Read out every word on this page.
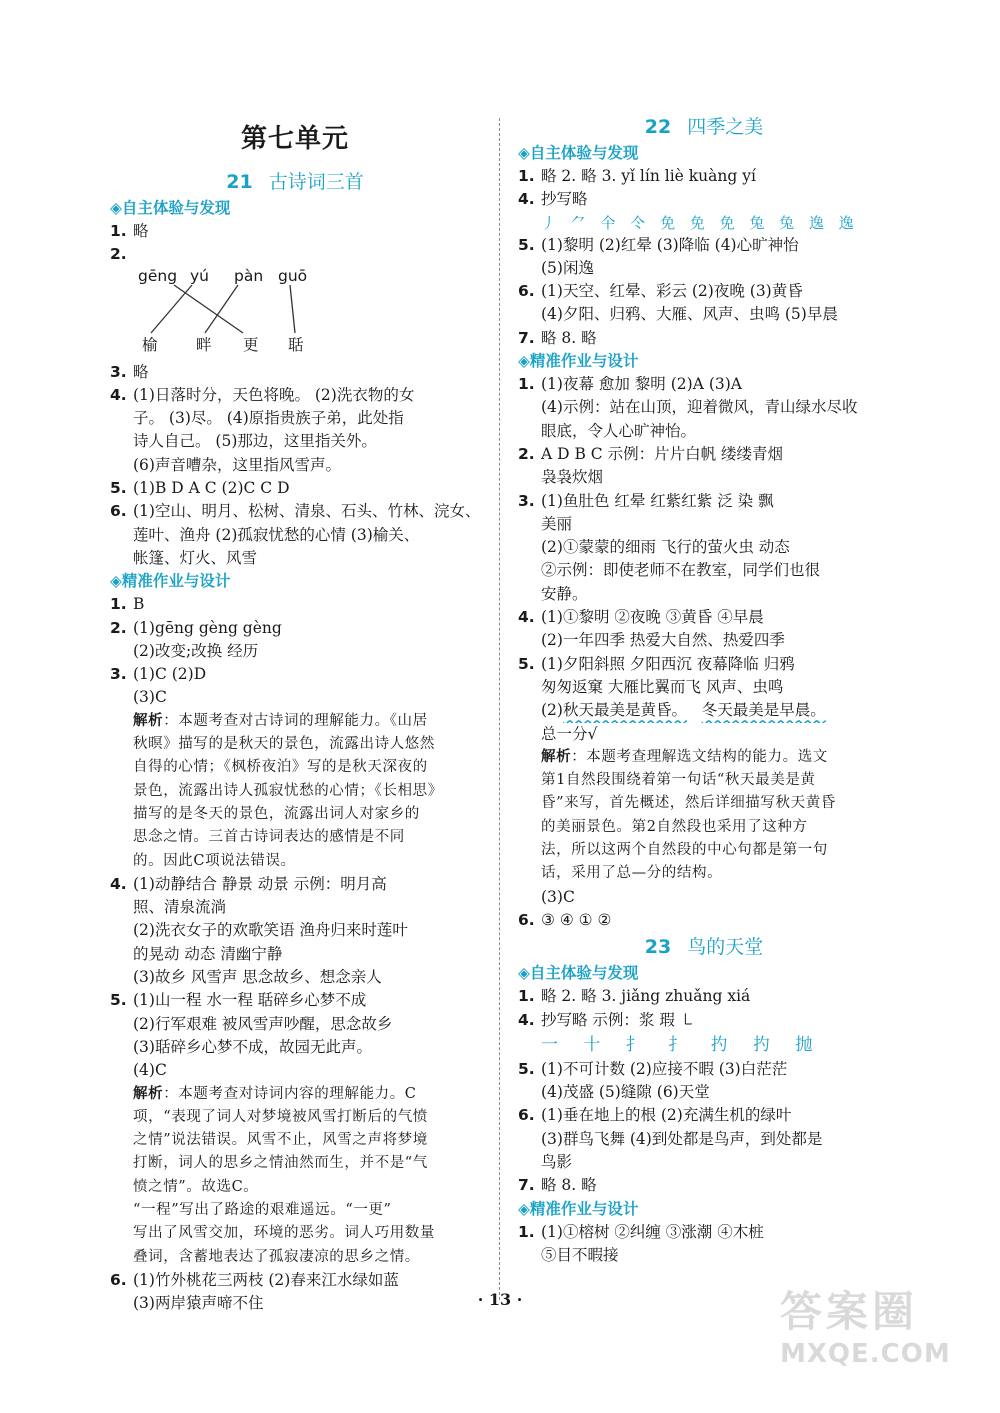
第七单元
21 古诗词三首
◈自主体验与发现
1. 略
2.
gēng yú pàn guō
榆 畔 更 聒
3. 略
4. (1)日落时分，天色将晚。 (2)洗衣物的女
子。 (3)尽。 (4)原指贵族子弟，此处指
诗人自己。 (5)那边，这里指关外。
(6)声音嘈杂，这里指风雪声。
5. (1)B D A C (2)C C D
6. (1)空山、明月、松树、清泉、石头、竹林、浣女、
莲叶、渔舟 (2)孤寂忧愁的心情 (3)榆关、
帐篷、灯火、风雪
◈精准作业与设计
1. B
2. (1)gēng gèng gèng
(2)改变;改换 经历
3. (1)C (2)D
(3)C
解析：本题考查对古诗词的理解能力。《山居
秋暝》描写的是秋天的景色，流露出诗人悠然
自得的心情；《枫桥夜泊》写的是秋天深夜的
景色，流露出诗人孤寂忧愁的心情；《长相思》
描写的是冬天的景色，流露出词人对家乡的
思念之情。三首古诗词表达的感情是不同
的。因此C项说法错误。
4. (1)动静结合 静景 动景 示例：明月高
照、清泉流淌
(2)洗衣女子的欢歌笑语 渔舟归来时莲叶
的晃动 动态 清幽宁静
(3)故乡 风雪声 思念故乡、想念亲人
5. (1)山一程 水一程 聒碎乡心梦不成
(2)行军艰难 被风雪声吵醒，思念故乡
(3)聒碎乡心梦不成，故园无此声。
(4)C
解析：本题考查对诗词内容的理解能力。C
项，“表现了词人对梦境被风雪打断后的气愤
之情”说法错误。风雪不止，风雪之声将梦境
打断，词人的思乡之情油然而生，并不是“气
愤之情”。故选C。
“一程”写出了路途的艰难遥远。“一更”
写出了风雪交加，环境的恶劣。词人巧用数量
叠词，含蓄地表达了孤寂凄凉的思乡之情。
6. (1)竹外桃花三两枝 (2)春来江水绿如蓝
(3)两岸猿声啼不住
22 四季之美
◈自主体验与发现
1. 略 2. 略 3. yǐ lín liè kuàng yí
4. 抄写略
丿 ⺈ 仐 仒 免 免 免 兔 兔 逸 逸
5. (1)黎明 (2)红晕 (3)降临 (4)心旷神怡
(5)闲逸
6. (1)天空、红晕、彩云 (2)夜晚 (3)黄昏
(4)夕阳、归鸦、大雁、风声、虫鸣 (5)早晨
7. 略 8. 略
◈精准作业与设计
1. (1)夜幕 愈加 黎明 (2)A (3)A
(4)示例：站在山顶，迎着微风，青山绿水尽收
眼底，令人心旷神怡。
2. A D B C 示例：片片白帆 缕缕青烟
袅袅炊烟
3. (1)鱼肚色 红晕 红紫红紫 泛 染 飘
美丽
(2)①蒙蒙的细雨 飞行的萤火虫 动态
②示例：即使老师不在教室，同学们也很
安静。
4. (1)①黎明 ②夜晚 ③黄昏 ④早晨
(2)一年四季 热爱大自然、热爱四季
5. (1)夕阳斜照 夕阳西沉 夜幕降临 归鸦
匆匆返窠 大雁比翼而飞 风声、虫鸣
(2)秋天最美是黄昏。 冬天最美是早晨。
总一分√
解析：本题考查理解选文结构的能力。选文
第1自然段围绕着第一句话“秋天最美是黄
昏”来写，首先概述，然后详细描写秋天黄昏
的美丽景色。第2自然段也采用了这种方
法，所以这两个自然段的中心句都是第一句
话，采用了总—分的结构。
(3)C
6. ③ ④ ① ②
23 鸟的天堂
◈自主体验与发现
1. 略 2. 略 3. jiǎng zhuǎng xiá
4. 抄写略 示例：浆 瑕 ㇄
一 十 扌 扌 扚 扚 抛
5. (1)不可计数 (2)应接不暇 (3)白茫茫
(4)茂盛 (5)缝隙 (6)天堂
6. (1)垂在地上的根 (2)充满生机的绿叶
(3)群鸟飞舞 (4)到处都是鸟声，到处都是
鸟影
7. 略 8. 略
◈精准作业与设计
1. (1)①榕树 ②纠缠 ③涨潮 ④木桩
⑤目不暇接
· 13 ·	答案圈
MXQE.COM
